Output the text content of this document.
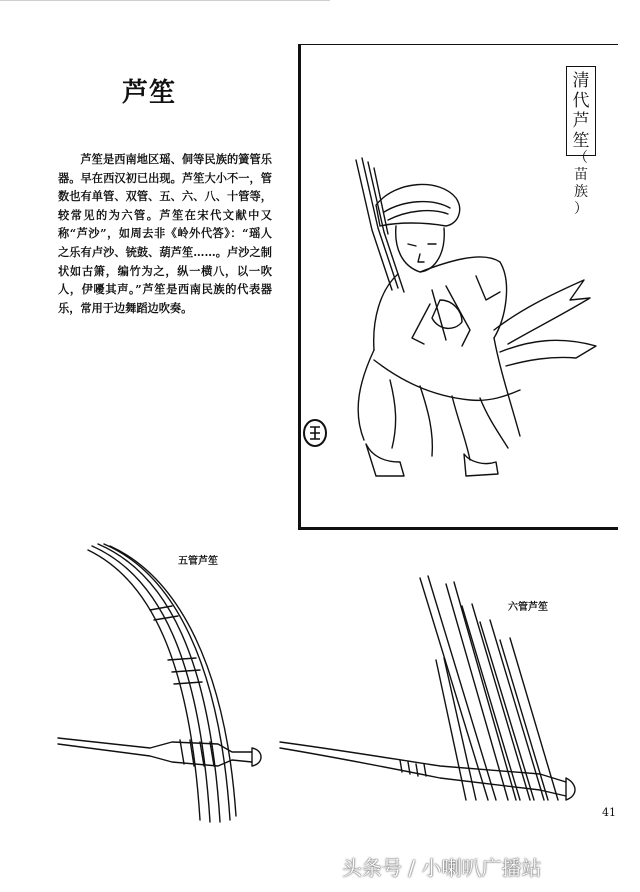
芦笙

芦笙是西南地区瑶、侗等民族的簧管乐器。早在西汉初已出现。芦笙大小不一，管数也有单管、双管、五、六、八、十管等，较常见的为六管。芦笙在宋代文献中又称“芦沙”，如周去非《岭外代答》：“瑶人之乐有卢沙、铳鼓、葫芦笙……。卢沙之制状如古箫，编竹为之，纵一横八，以一吹人，伊嚘其声。”芦笙是西南民族的代表器乐，常用于边舞蹈边吹奏。

清
代
芦
笙
（
苗
族
）
五管芦笙
六管芦笙
41
头条号 / 小喇叭广播站
